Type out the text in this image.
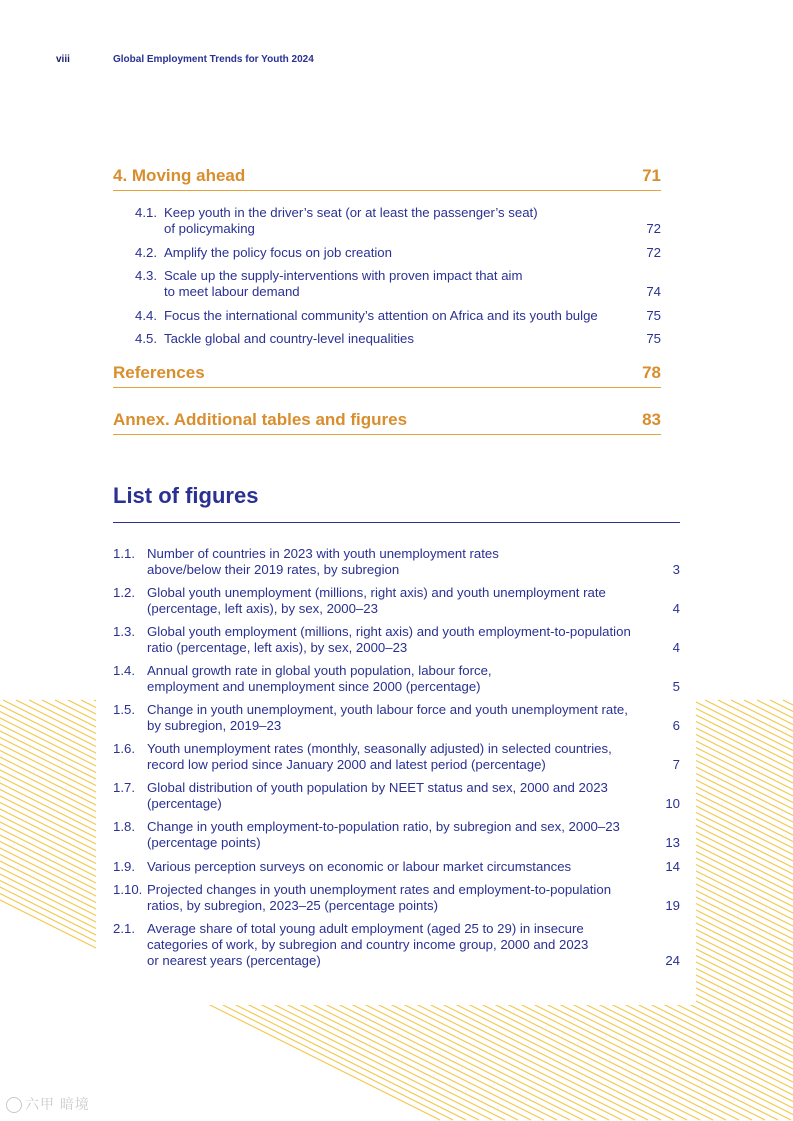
viii	Global Employment Trends for Youth 2024
4. Moving ahead	71
4.1. Keep youth in the driver’s seat (or at least the passenger’s seat)
of policymaking	72
4.2. Amplify the policy focus on job creation	72
4.3. Scale up the supply-interventions with proven impact that aim
to meet labour demand	74
4.4. Focus the international community’s attention on Africa and its youth bulge	75
4.5. Tackle global and country-level inequalities	75
References	78
Annex. Additional tables and figures	83
List of figures
1.1. Number of countries in 2023 with youth unemployment rates
above/below their 2019 rates, by subregion	3
1.2. Global youth unemployment (millions, right axis) and youth unemployment rate
(percentage, left axis), by sex, 2000–23	4
1.3. Global youth employment (millions, right axis) and youth employment-to-population
ratio (percentage, left axis), by sex, 2000–23	4
1.4. Annual growth rate in global youth population, labour force,
employment and unemployment since 2000 (percentage)	5
1.5. Change in youth unemployment, youth labour force and youth unemployment rate,
by subregion, 2019–23	6
1.6. Youth unemployment rates (monthly, seasonally adjusted) in selected countries,
record low period since January 2000 and latest period (percentage)	7
1.7. Global distribution of youth population by NEET status and sex, 2000 and 2023
(percentage)	10
1.8. Change in youth employment-to-population ratio, by subregion and sex, 2000–23
(percentage points)	13
1.9. Various perception surveys on economic or labour market circumstances	14
1.10. Projected changes in youth unemployment rates and employment-to-population
ratios, by subregion, 2023–25 (percentage points)	19
2.1. Average share of total young adult employment (aged 25 to 29) in insecure
categories of work, by subregion and country income group, 2000 and 2023
or nearest years (percentage)	24
六甲 暗境
